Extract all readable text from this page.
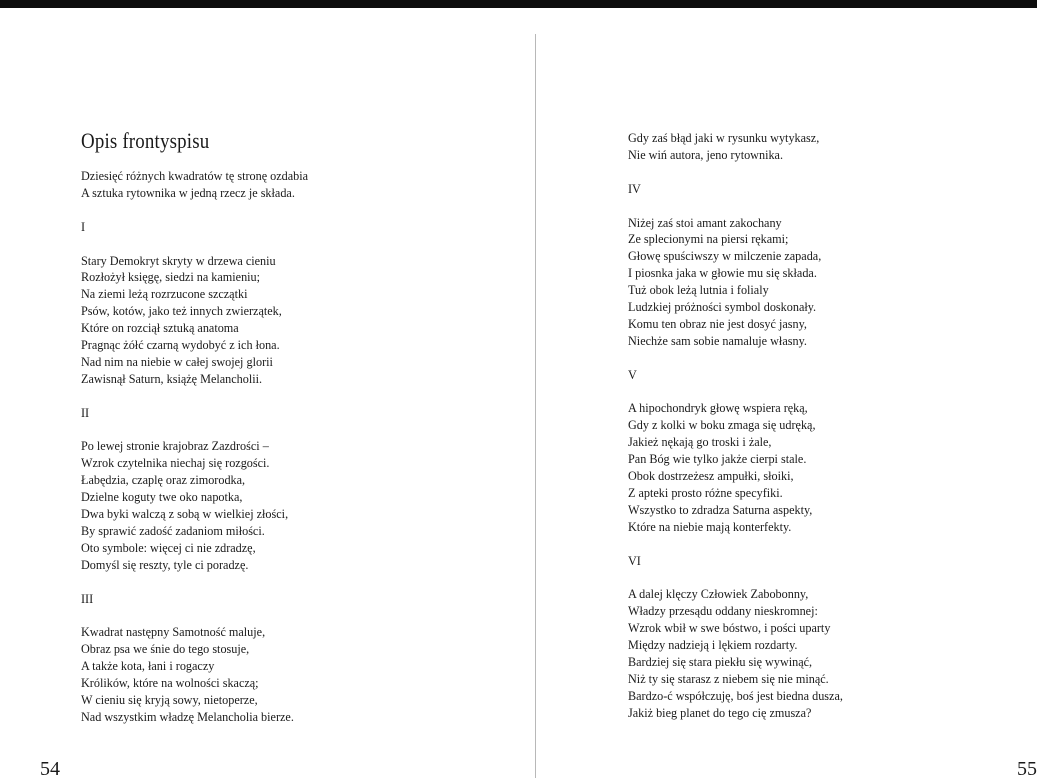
Opis frontyspisu
Dziesięć różnych kwadratów tę stronę ozdabia
A sztuka rytownika w jedną rzecz je składa.
I
Stary Demokryt skryty w drzewa cieniu
Rozłożył księgę, siedzi na kamieniu;
Na ziemi leżą rozrzucone szczątki
Psów, kotów, jako też innych zwierzątek,
Które on rozciął sztuką anatoma
Pragnąc żółć czarną wydobyć z ich łona.
Nad nim na niebie w całej swojej glorii
Zawisnął Saturn, książę Melancholii.
II
Po lewej stronie krajobraz Zazdrości –
Wzrok czytelnika niechaj się rozgości.
Łabędzia, czaplę oraz zimorodka,
Dzielne koguty twe oko napotka,
Dwa byki walczą z sobą w wielkiej złości,
By sprawić zadość zadaniom miłości.
Oto symbole: więcej ci nie zdradzę,
Domyśl się reszty, tyle ci poradzę.
III
Kwadrat następny Samotność maluje,
Obraz psa we śnie do tego stosuje,
A także kota, łani i rogaczy
Królików, które na wolności skaczą;
W cieniu się kryją sowy, nietoperze,
Nad wszystkim władzę Melancholia bierze.
Gdy zaś błąd jaki w rysunku wytykasz,
Nie wiń autora, jeno rytownika.
IV
Niżej zaś stoi amant zakochany
Ze splecionymi na piersi rękami;
Głowę spuściwszy w milczenie zapada,
I piosnka jaka w głowie mu się składa.
Tuż obok leżą lutnia i folialy
Ludzkiej próżności symbol doskonały.
Komu ten obraz nie jest dosyć jasny,
Niechże sam sobie namaluje własny.
V
A hipochondryk głowę wspiera ręką,
Gdy z kolki w boku zmaga się udręką,
Jakież nękają go troski i żale,
Pan Bóg wie tylko jakże cierpi stale.
Obok dostrzeżesz ampułki, słoiki,
Z apteki prosto różne specyfiki.
Wszystko to zdradza Saturna aspekty,
Które na niebie mają konterfekty.
VI
A dalej klęczy Człowiek Zabobonny,
Władzy przesądu oddany nieskromnej:
Wzrok wbił w swe bóstwo, i pości uparty
Między nadzieją i lękiem rozdarty.
Bardziej się stara piekłu się wywinąć,
Niż ty się starasz z niebem się nie minąć.
Bardzo-ć współczuję, boś jest biedna dusza,
Jakiż bieg planet do tego cię zmusza?
54	55
